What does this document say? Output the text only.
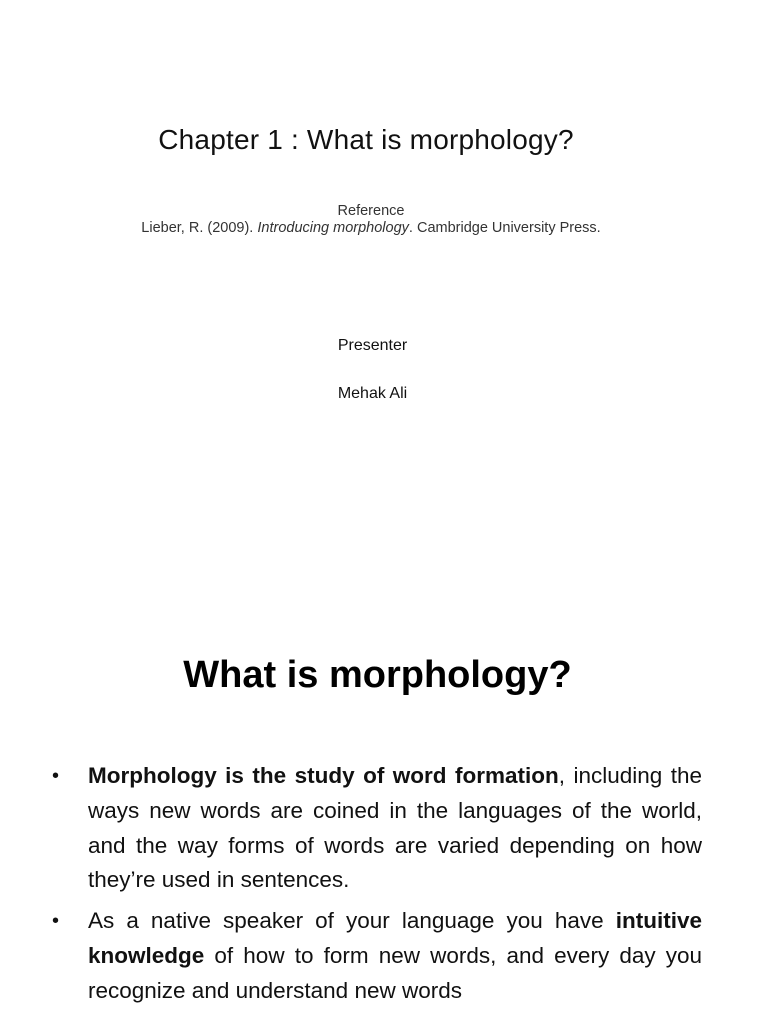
Chapter 1 : What is morphology?
Reference
Lieber, R. (2009). Introducing morphology. Cambridge University Press.
Presenter
Mehak Ali
What is morphology?
• Morphology is the study of word formation, including the ways new words are coined in the languages of the world, and the way forms of words are varied depending on how they’re used in sentences.
• As a native speaker of your language you have intuitive knowledge of how to form new words, and every day you recognize and understand new words
